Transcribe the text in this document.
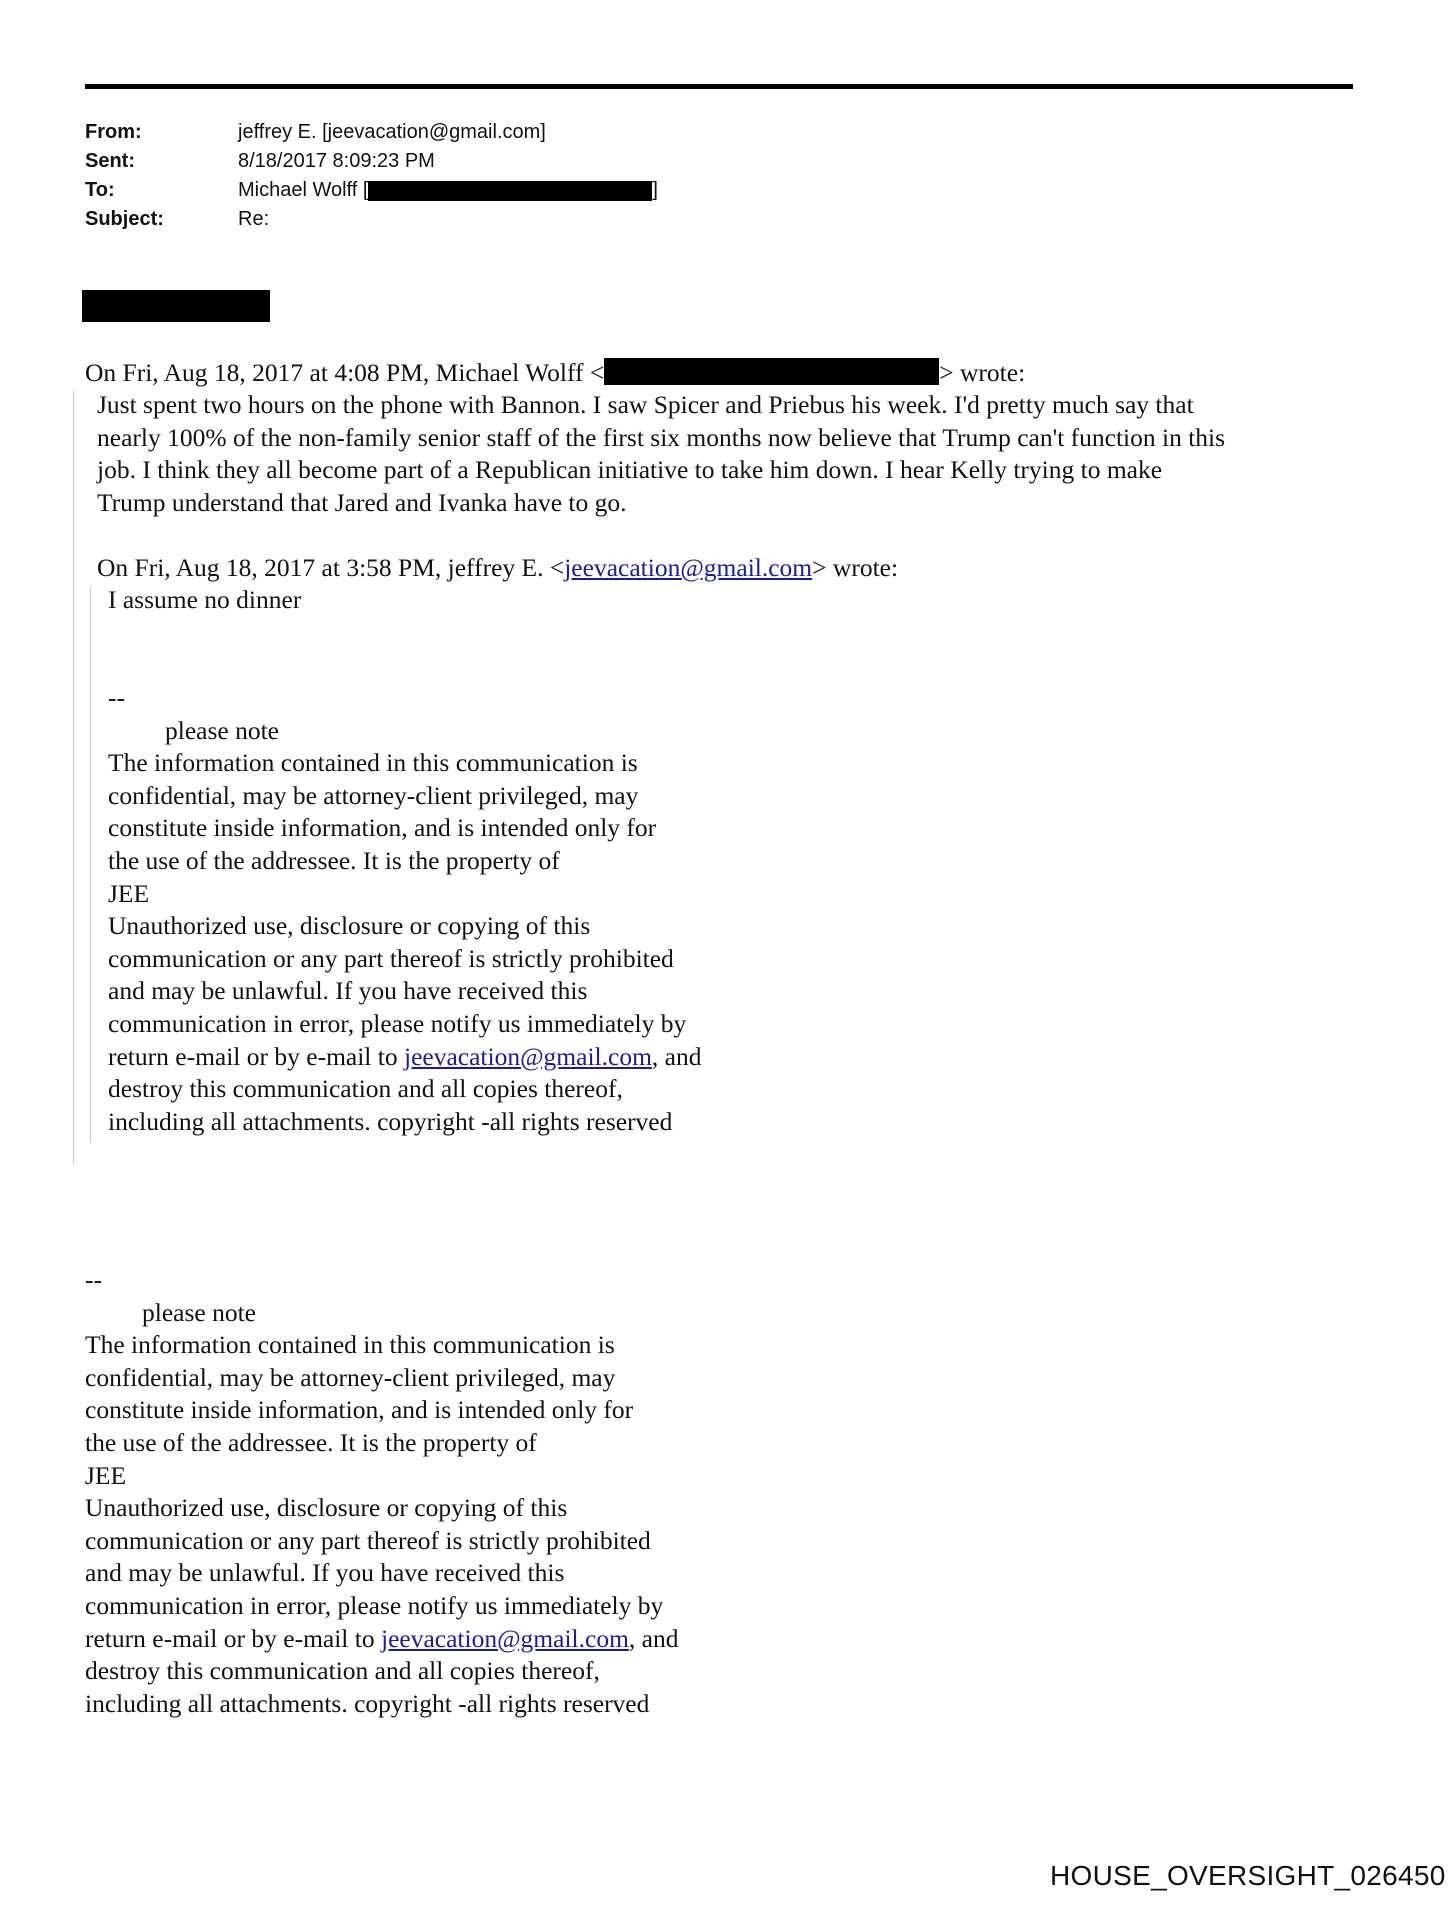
From:	jeffrey E. [jeevacation@gmail.com]
Sent:	8/18/2017 8:09:23 PM
To:	Michael Wolff [	]
Subject:	Re:
On Fri, Aug 18, 2017 at 4:08 PM, Michael Wolff <	> wrote:
Just spent two hours on the phone with Bannon. I saw Spicer and Priebus his week. I'd pretty much say that
nearly 100% of the non-family senior staff of the first six months now believe that Trump can't function in this
job. I think they all become part of a Republican initiative to take him down. I hear Kelly trying to make
Trump understand that Jared and Ivanka have to go.
On Fri, Aug 18, 2017 at 3:58 PM, jeffrey E. <jeevacation@gmail.com> wrote:
I assume no dinner
--
please note
The information contained in this communication is
confidential, may be attorney-client privileged, may
constitute inside information, and is intended only for
the use of the addressee. It is the property of
JEE
Unauthorized use, disclosure or copying of this
communication or any part thereof is strictly prohibited
and may be unlawful. If you have received this
communication in error, please notify us immediately by
return e-mail or by e-mail to jeevacation@gmail.com, and
destroy this communication and all copies thereof,
including all attachments. copyright -all rights reserved
--
please note
The information contained in this communication is
confidential, may be attorney-client privileged, may
constitute inside information, and is intended only for
the use of the addressee. It is the property of
JEE
Unauthorized use, disclosure or copying of this
communication or any part thereof is strictly prohibited
and may be unlawful. If you have received this
communication in error, please notify us immediately by
return e-mail or by e-mail to jeevacation@gmail.com, and
destroy this communication and all copies thereof,
including all attachments. copyright -all rights reserved
HOUSE_OVERSIGHT_026450
